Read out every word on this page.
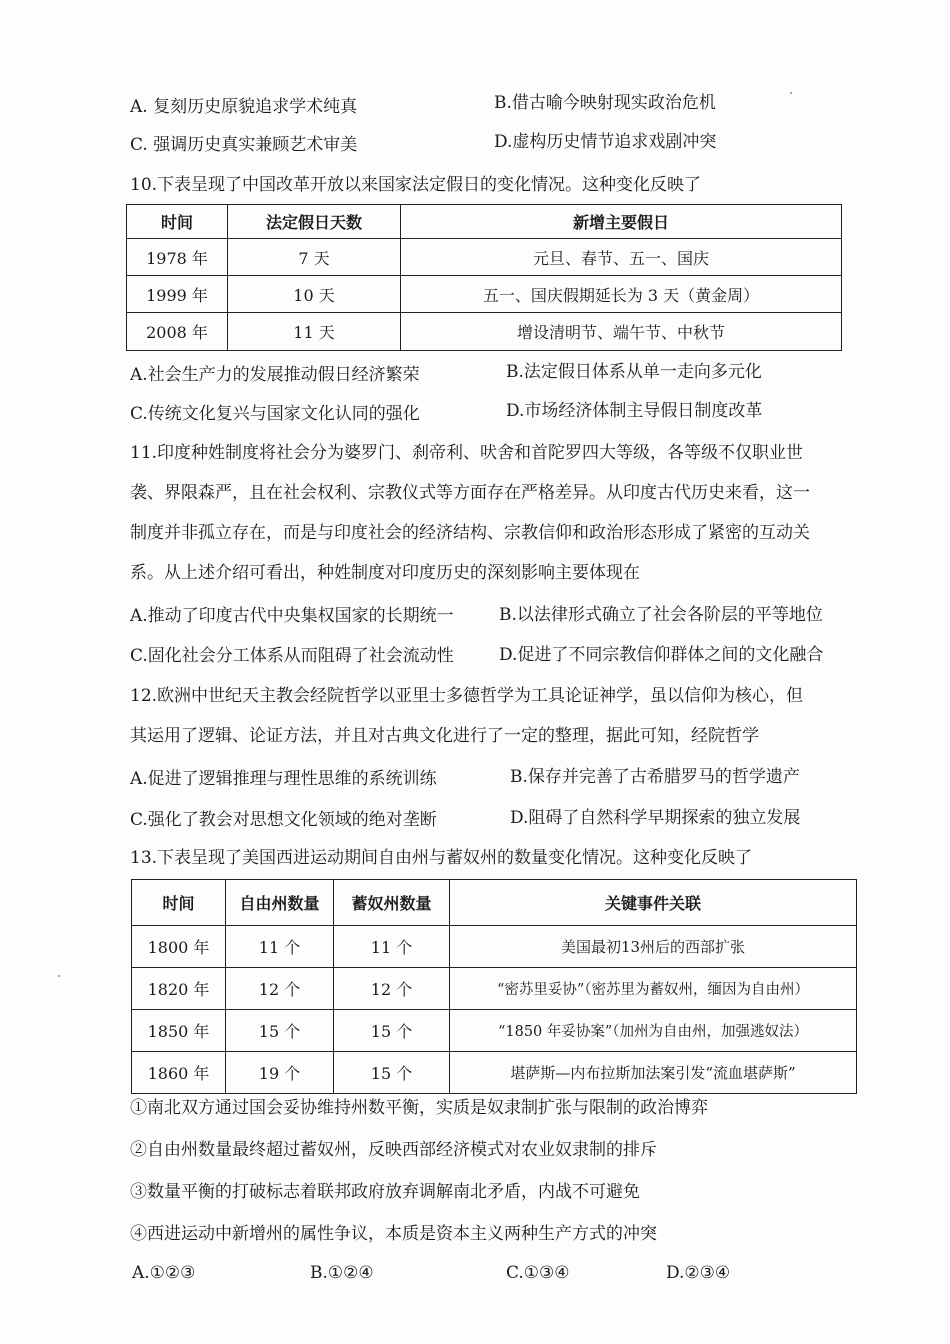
A. 复刻历史原貌追求学术纯真	B.借古喻今映射现实政治危机
C. 强调历史真实兼顾艺术审美	D.虚构历史情节追求戏剧冲突
10.下表呈现了中国改革开放以来国家法定假日的变化情况。这种变化反映了
时间	法定假日天数	新增主要假日
1978 年	7 天	元旦、春节、五一、国庆
1999 年	10 天	五一、国庆假期延长为 3 天（黄金周）
2008 年	11 天	增设清明节、端午节、中秋节
A.社会生产力的发展推动假日经济繁荣	B.法定假日体系从单一走向多元化
C.传统文化复兴与国家文化认同的强化	D.市场经济体制主导假日制度改革
11.印度种姓制度将社会分为婆罗门、刹帝利、吠舍和首陀罗四大等级，各等级不仅职业世
袭、界限森严，且在社会权利、宗教仪式等方面存在严格差异。从印度古代历史来看，这一
制度并非孤立存在，而是与印度社会的经济结构、宗教信仰和政治形态形成了紧密的互动关
系。从上述介绍可看出，种姓制度对印度历史的深刻影响主要体现在
A.推动了印度古代中央集权国家的长期统一	B.以法律形式确立了社会各阶层的平等地位
C.固化社会分工体系从而阻碍了社会流动性	D.促进了不同宗教信仰群体之间的文化融合
12.欧洲中世纪天主教会经院哲学以亚里士多德哲学为工具论证神学，虽以信仰为核心，但
其运用了逻辑、论证方法，并且对古典文化进行了一定的整理，据此可知，经院哲学
A.促进了逻辑推理与理性思维的系统训练	B.保存并完善了古希腊罗马的哲学遗产
C.强化了教会对思想文化领域的绝对垄断	D.阻碍了自然科学早期探索的独立发展
13.下表呈现了美国西进运动期间自由州与蓄奴州的数量变化情况。这种变化反映了
时间	自由州数量	蓄奴州数量	关键事件关联
1800 年	11 个	11 个	美国最初13州后的西部扩张
1820 年	12 个	12 个	“密苏里妥协”（密苏里为蓄奴州，缅因为自由州）
1850 年	15 个	15 个	“1850 年妥协案”（加州为自由州，加强逃奴法）
1860 年	19 个	15 个	堪萨斯—内布拉斯加法案引发“流血堪萨斯”
①南北双方通过国会妥协维持州数平衡，实质是奴隶制扩张与限制的政治博弈
②自由州数量最终超过蓄奴州，反映西部经济模式对农业奴隶制的排斥
③数量平衡的打破标志着联邦政府放弃调解南北矛盾，内战不可避免
④西进运动中新增州的属性争议，本质是资本主义两种生产方式的冲突
A.①②③	B.①②④	C.①③④	D.②③④
